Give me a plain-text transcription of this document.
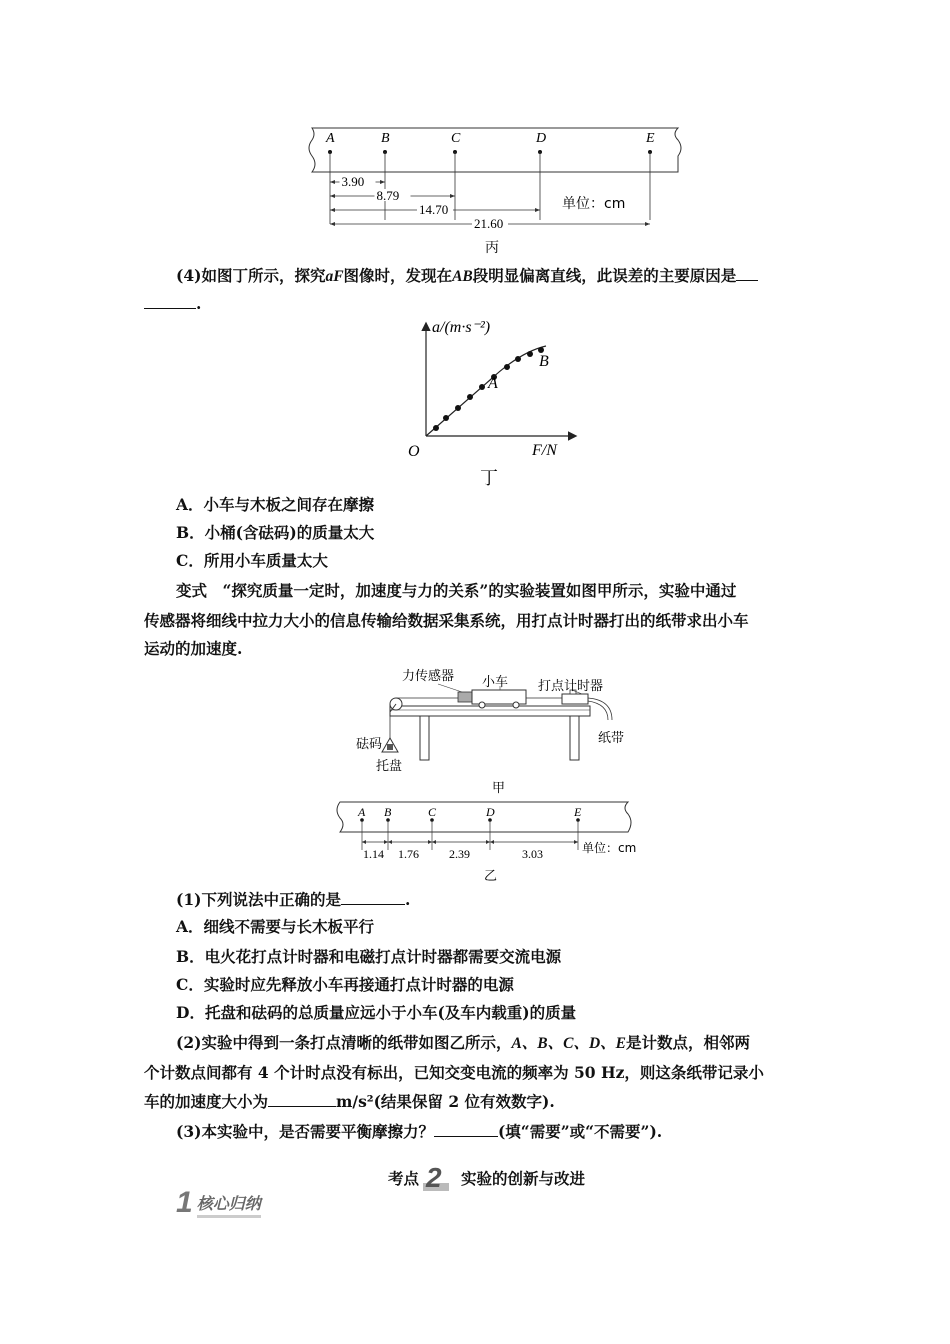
A	B	C	D	E
3.90
8.79
14.70
21.60
单位：cm
丙
(4)如图丁所示，探究aF图像时，发现在AB段明显偏离直线，此误差的主要原因是
.
a/(m·s⁻²)
F/N
O
A
B
丁
A．小车与木板之间存在摩擦
B．小桶(含砝码)的质量太大
C．所用小车质量太大
变式　“探究质量一定时，加速度与力的关系”的实验装置如图甲所示，实验中通过
传感器将细线中拉力大小的信息传输给数据采集系统，用打点计时器打出的纸带求出小车
运动的加速度.
力传感器 小车 打点计时器
砝码	纸带
托盘
甲
A B	C	D	E
1.14 1.76	2.39	3.03	单位：cm
乙
(1)下列说法中正确的是	.
A．细线不需要与长木板平行
B．电火花打点计时器和电磁打点计时器都需要交流电源
C．实验时应先释放小车再接通打点计时器的电源
D．托盘和砝码的总质量应远小于小车(及车内载重)的质量
(2)实验中得到一条打点清晰的纸带如图乙所示，A、B、C、D、E是计数点，相邻两
个计数点间都有 4 个计时点没有标出，已知交变电流的频率为 50 Hz，则这条纸带记录小
车的加速度大小为	m/s²(结果保留 2 位有效数字).
(3)本实验中，是否需要平衡摩擦力？	(填“需要”或“不需要”).
考点 2 实验的创新与改进
1 核心归纳
